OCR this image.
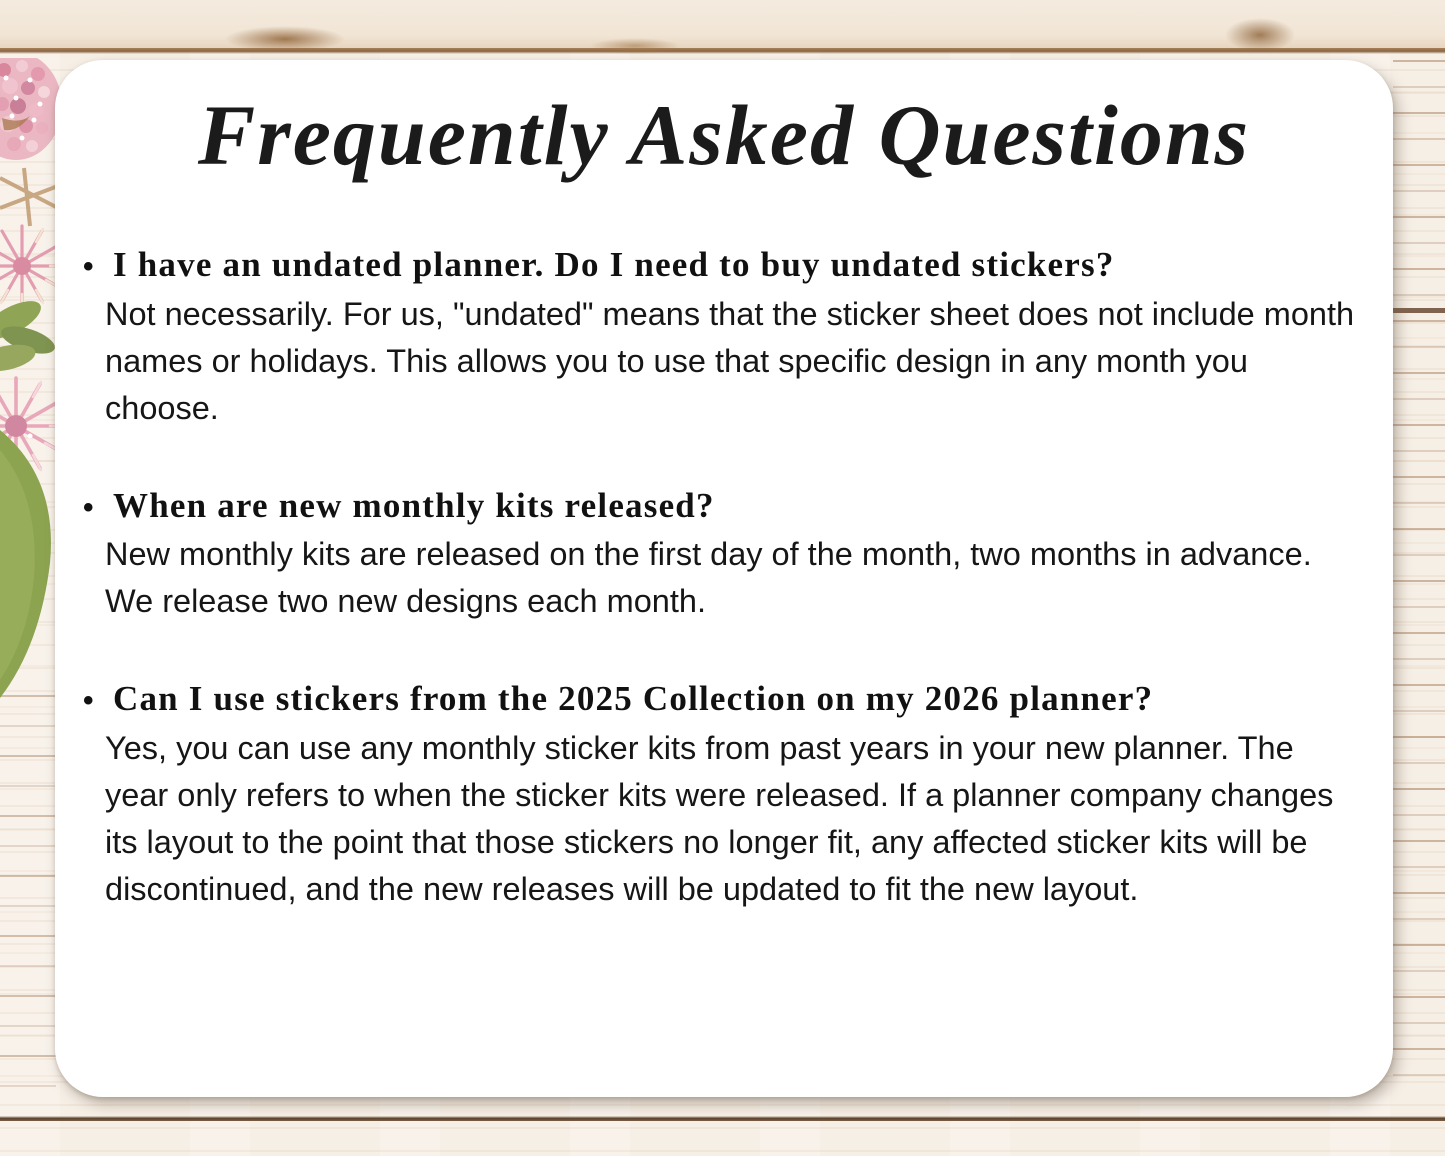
Frequently Asked Questions
• I have an undated planner. Do I need to buy undated stickers?

Not necessarily. For us, "undated" means that the sticker sheet does not include month names or holidays. This allows you to use that specific design in any month you choose.

• When are new monthly kits released?

New monthly kits are released on the first day of the month, two months in advance. We release two new designs each month.

• Can I use stickers from the 2025 Collection on my 2026 planner?

Yes, you can use any monthly sticker kits from past years in your new planner. The year only refers to when the sticker kits were released. If a planner company changes its layout to the point that those stickers no longer fit, any affected sticker kits will be discontinued, and the new releases will be updated to fit the new layout.
